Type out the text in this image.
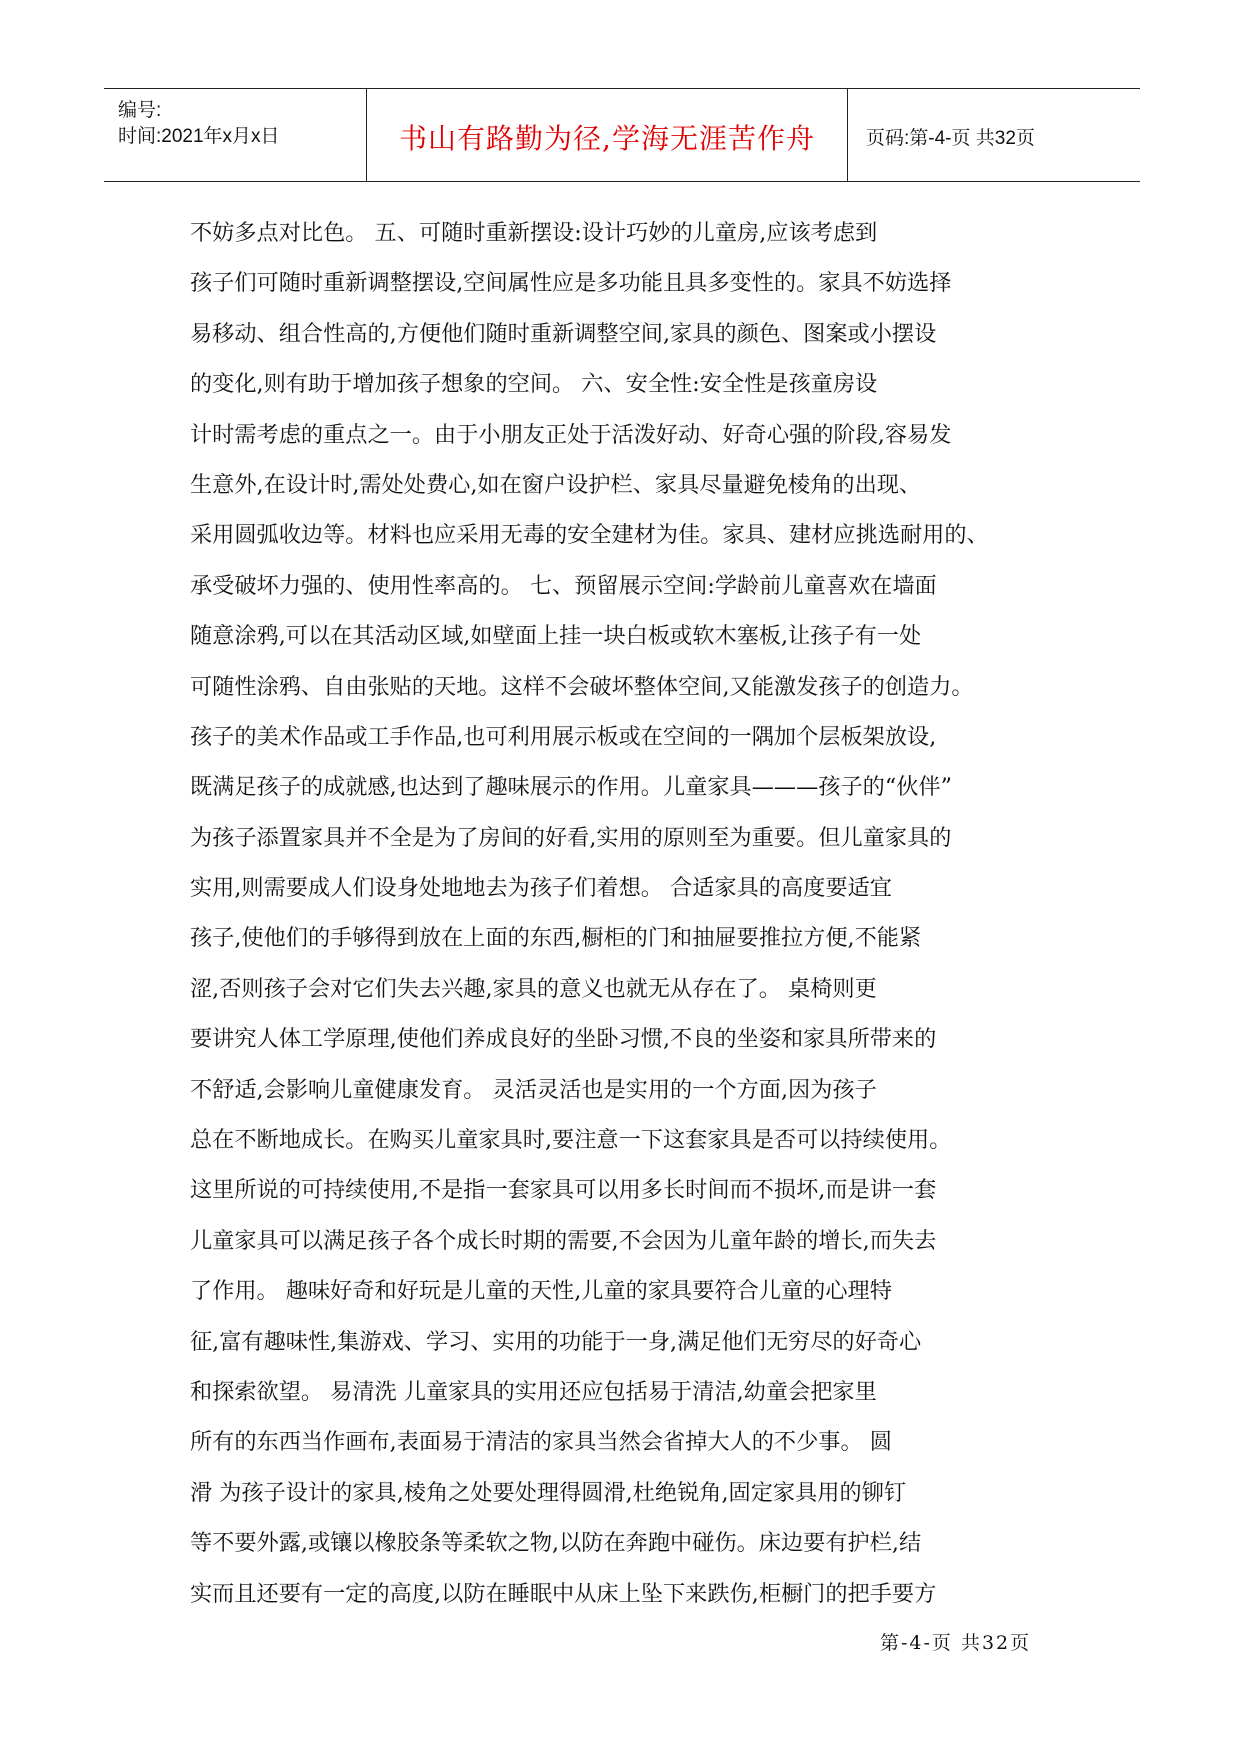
编号:
时间:2021年x月x日	书山有路勤为径,学海无涯苦作舟	页码:第-4-页 共32页
不妨多点对比色。 五、可随时重新摆设:设计巧妙的儿童房,应该考虑到
孩子们可随时重新调整摆设,空间属性应是多功能且具多变性的。家具不妨选择
易移动、组合性高的,方便他们随时重新调整空间,家具的颜色、图案或小摆设
的变化,则有助于增加孩子想象的空间。 六、安全性:安全性是孩童房设
计时需考虑的重点之一。由于小朋友正处于活泼好动、好奇心强的阶段,容易发
生意外,在设计时,需处处费心,如在窗户设护栏、家具尽量避免棱角的出现、
采用圆弧收边等。材料也应采用无毒的安全建材为佳。家具、建材应挑选耐用的、
承受破坏力强的、使用性率高的。 七、预留展示空间:学龄前儿童喜欢在墙面
随意涂鸦,可以在其活动区域,如壁面上挂一块白板或软木塞板,让孩子有一处
可随性涂鸦、自由张贴的天地。这样不会破坏整体空间,又能激发孩子的创造力。
孩子的美术作品或工手作品,也可利用展示板或在空间的一隅加个层板架放设,
既满足孩子的成就感,也达到了趣味展示的作用。儿童家具———孩子的“伙伴”
为孩子添置家具并不全是为了房间的好看,实用的原则至为重要。但儿童家具的
实用,则需要成人们设身处地地去为孩子们着想。 合适家具的高度要适宜
孩子,使他们的手够得到放在上面的东西,橱柜的门和抽屉要推拉方便,不能紧
涩,否则孩子会对它们失去兴趣,家具的意义也就无从存在了。 桌椅则更
要讲究人体工学原理,使他们养成良好的坐卧习惯,不良的坐姿和家具所带来的
不舒适,会影响儿童健康发育。 灵活灵活也是实用的一个方面,因为孩子
总在不断地成长。在购买儿童家具时,要注意一下这套家具是否可以持续使用。
这里所说的可持续使用,不是指一套家具可以用多长时间而不损坏,而是讲一套
儿童家具可以满足孩子各个成长时期的需要,不会因为儿童年龄的增长,而失去
了作用。 趣味好奇和好玩是儿童的天性,儿童的家具要符合儿童的心理特
征,富有趣味性,集游戏、学习、实用的功能于一身,满足他们无穷尽的好奇心
和探索欲望。 易清洗 儿童家具的实用还应包括易于清洁,幼童会把家里
所有的东西当作画布,表面易于清洁的家具当然会省掉大人的不少事。 圆
滑 为孩子设计的家具,棱角之处要处理得圆滑,杜绝锐角,固定家具用的铆钉
等不要外露,或镶以橡胶条等柔软之物,以防在奔跑中碰伤。床边要有护栏,结
实而且还要有一定的高度,以防在睡眠中从床上坠下来跌伤,柜橱门的把手要方
第-4-页 共32页
